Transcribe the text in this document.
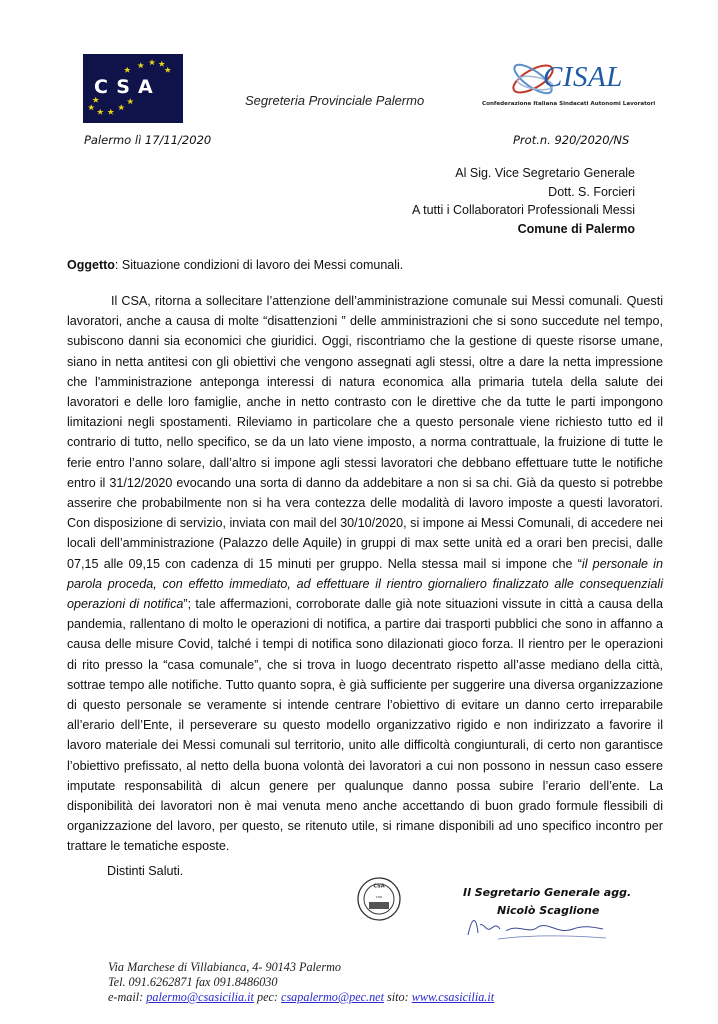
CSA
Segreteria Provinciale Palermo
CISAL
Confederazione Italiana Sindacati Autonomi Lavoratori
Palermo lì 17/11/2020	Prot.n. 920/2020/NS
Al Sig. Vice Segretario Generale
Dott. S. Forcieri
A tutti i Collaboratori Professionali Messi
Comune di Palermo
Oggetto: Situazione condizioni di lavoro dei Messi comunali.

Il CSA, ritorna a sollecitare l’attenzione dell’amministrazione comunale sui Messi comunali. Questi lavoratori, anche a causa di molte “disattenzioni ” delle amministrazioni che si sono succedute nel tempo, subiscono danni sia economici che giuridici. Oggi, riscontriamo che la gestione di queste risorse umane, siano in netta antitesi con gli obiettivi che vengono assegnati agli stessi, oltre a dare la netta impressione che l'amministrazione anteponga interessi di natura economica alla primaria tutela della salute dei lavoratori e delle loro famiglie, anche in netto contrasto con le direttive che da tutte le parti impongono limitazioni negli spostamenti. Rileviamo in particolare che a questo personale viene richiesto tutto ed il contrario di tutto, nello specifico, se da un lato viene imposto, a norma contrattuale, la fruizione di tutte le ferie entro l’anno solare, dall’altro si impone agli stessi lavoratori che debbano effettuare tutte le notifiche entro il 31/12/2020 evocando una sorta di danno da addebitare a non si sa chi. Già da questo si potrebbe asserire che probabilmente non si ha vera contezza delle modalità di lavoro imposte a questi lavoratori. Con disposizione di servizio, inviata con mail del 30/10/2020, si impone ai Messi Comunali, di accedere nei locali dell’amministrazione (Palazzo delle Aquile) in gruppi di max sette unità ed a orari ben precisi, dalle 07,15 alle 09,15 con cadenza di 15 minuti per gruppo. Nella stessa mail si impone che “il personale in parola proceda, con effetto immediato, ad effettuare il rientro giornaliero finalizzato alle consequenziali operazioni di notifica”; tale affermazioni, corroborate dalle già note situazioni vissute in città a causa della pandemia, rallentano di molto le operazioni di notifica, a partire dai trasporti pubblici che sono in affanno a causa delle misure Covid, talché i tempi di notifica sono dilazionati gioco forza. Il rientro per le operazioni di rito presso la “casa comunale”, che si trova in luogo decentrato rispetto all’asse mediano della città, sottrae tempo alle notifiche. Tutto quanto sopra, è già sufficiente per suggerire una diversa organizzazione di questo personale se veramente si intende centrare l’obiettivo di evitare un danno certo irreparabile all’erario dell’Ente, il perseverare su questo modello organizzativo rigido e non indirizzato a favorire il lavoro materiale dei Messi comunali sul territorio, unito alle difficoltà congiunturali, di certo non garantisce l’obiettivo prefissato, al netto della buona volontà dei lavoratori a cui non possono in nessun caso essere imputate responsabilità di alcun genere per qualunque danno possa subire l’erario dell’ente. La disponibilità dei lavoratori non è mai venuta meno anche accettando di buon grado formule flessibili di organizzazione del lavoro, per questo, se ritenuto utile, si rimane disponibili ad uno specifico incontro per trattare le tematiche esposte.

Distinti Saluti.
CSA
csa	Il Segretario Generale agg.
Nicolò Scaglione
Via Marchese di Villabianca, 4- 90143 Palermo
Tel. 091.6262871 fax 091.8486030
e-mail: palermo@csasicilia.it pec: csapalermo@pec.net sito: www.csasicilia.it
